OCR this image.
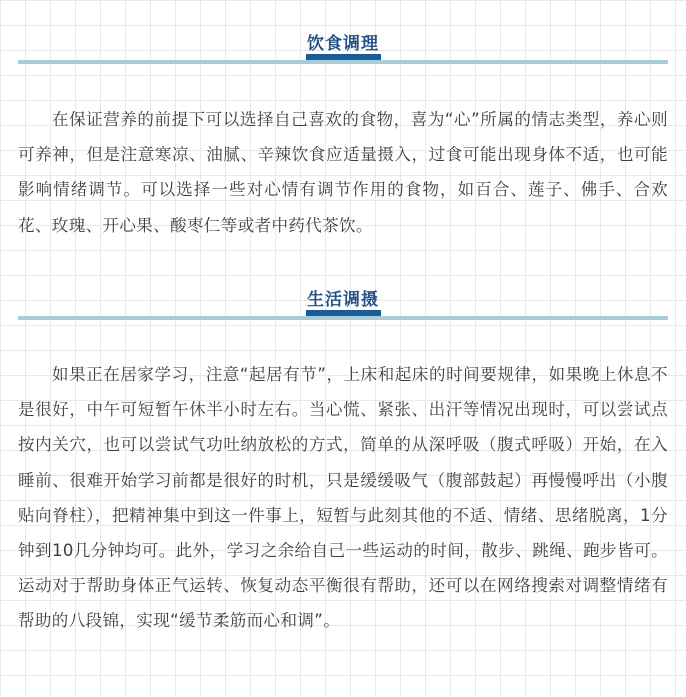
饮食调理

在保证营养的前提下可以选择自己喜欢的食物，喜为“心”所属的情志类型，养心则可养神，但是注意寒凉、油腻、辛辣饮食应适量摄入，过食可能出现身体不适，也可能影响情绪调节。可以选择一些对心情有调节作用的食物，如百合、莲子、佛手、合欢花、玫瑰、开心果、酸枣仁等或者中药代茶饮。

生活调摄

如果正在居家学习，注意“起居有节”，上床和起床的时间要规律，如果晚上休息不是很好，中午可短暂午休半小时左右。当心慌、紧张、出汗等情况出现时，可以尝试点按内关穴，也可以尝试气功吐纳放松的方式，简单的从深呼吸（腹式呼吸）开始，在入睡前、很难开始学习前都是很好的时机，只是缓缓吸气（腹部鼓起）再慢慢呼出（小腹贴向脊柱），把精神集中到这一件事上，短暂与此刻其他的不适、情绪、思绪脱离，1分钟到10几分钟均可。此外，学习之余给自己一些运动的时间，散步、跳绳、跑步皆可。运动对于帮助身体正气运转、恢复动态平衡很有帮助，还可以在网络搜索对调整情绪有帮助的八段锦，实现“缓节柔筋而心和调”。
